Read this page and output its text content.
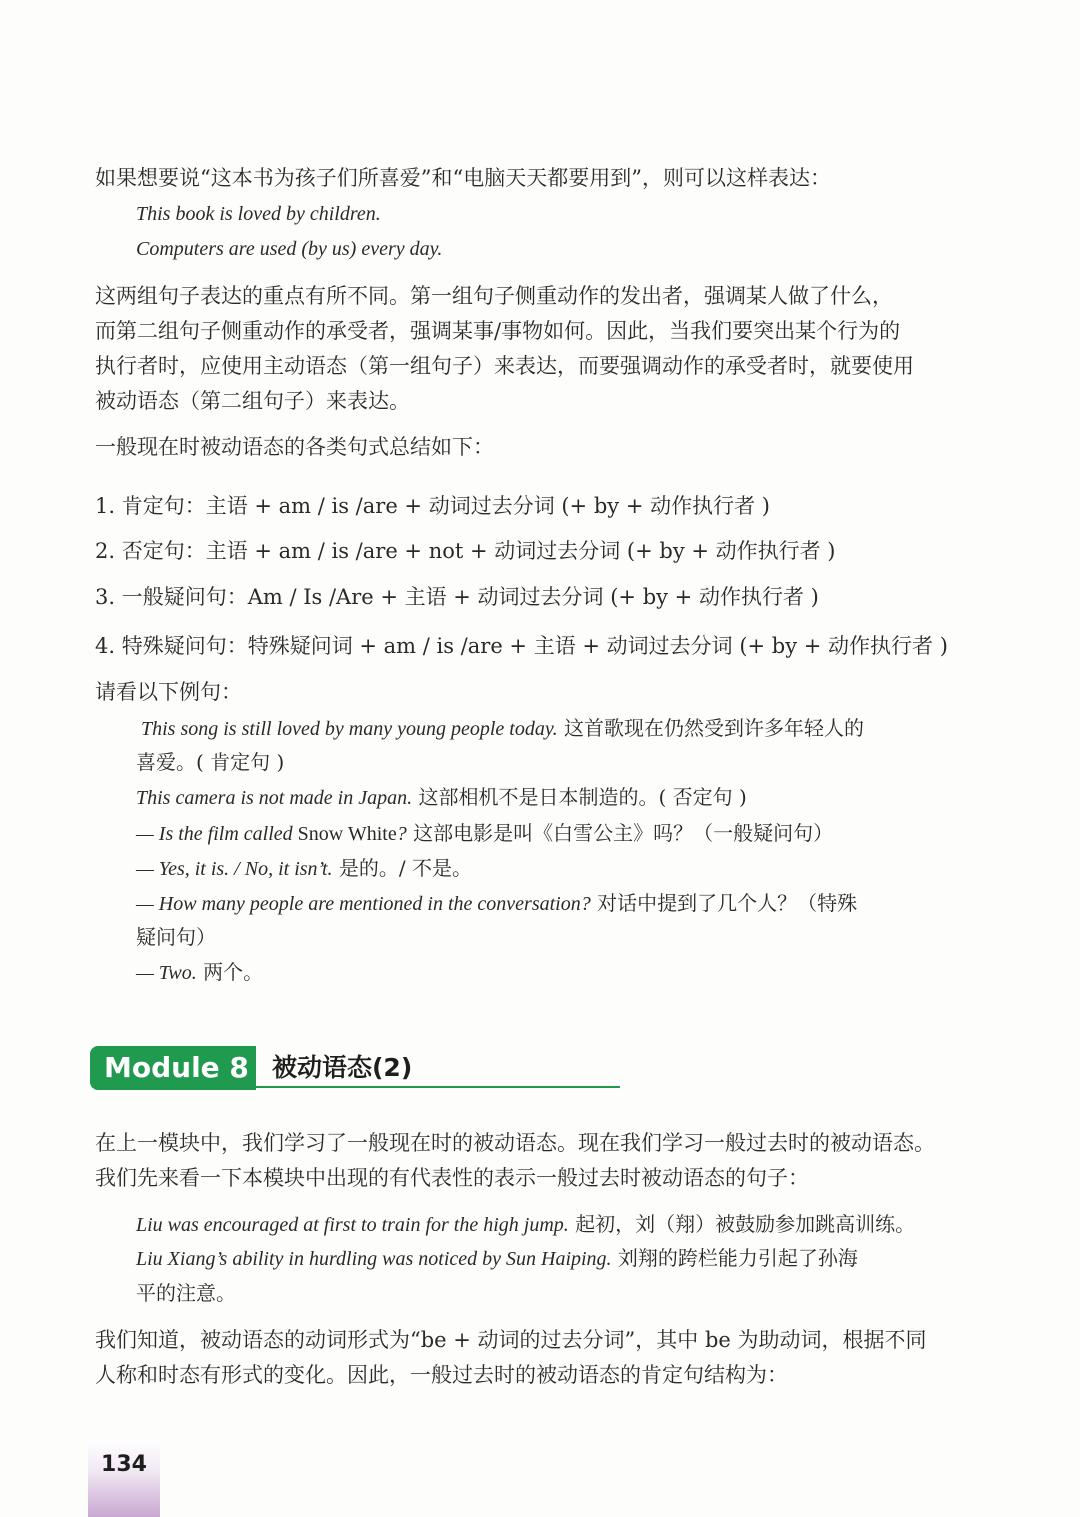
如果想要说“这本书为孩子们所喜爱”和“电脑天天都要用到”，则可以这样表达：
This book is loved by children.
Computers are used (by us) every day.
这两组句子表达的重点有所不同。第一组句子侧重动作的发出者，强调某人做了什么，
而第二组句子侧重动作的承受者，强调某事/事物如何。因此，当我们要突出某个行为的
执行者时，应使用主动语态（第一组句子）来表达，而要强调动作的承受者时，就要使用
被动语态（第二组句子）来表达。
一般现在时被动语态的各类句式总结如下：
1. 肯定句：主语 + am / is /are + 动词过去分词 (+ by + 动作执行者 )
2. 否定句：主语 + am / is /are + not + 动词过去分词 (+ by + 动作执行者 )
3. 一般疑问句：Am / Is /Are + 主语 + 动词过去分词 (+ by + 动作执行者 )
4. 特殊疑问句：特殊疑问词 + am / is /are + 主语 + 动词过去分词 (+ by + 动作执行者 )
请看以下例句：
This song is still loved by many young people today. 这首歌现在仍然受到许多年轻人的
喜爱。( 肯定句 )
This camera is not made in Japan. 这部相机不是日本制造的。( 否定句 )
— Is the film called Snow White? 这部电影是叫《白雪公主》吗？（一般疑问句）
— Yes, it is. / No, it isn’t. 是的。/ 不是。
— How many people are mentioned in the conversation? 对话中提到了几个人？（特殊
疑问句）
— Two. 两个。
Module 8 被动语态(2)
在上一模块中，我们学习了一般现在时的被动语态。现在我们学习一般过去时的被动语态。
我们先来看一下本模块中出现的有代表性的表示一般过去时被动语态的句子：
Liu was encouraged at first to train for the high jump. 起初，刘（翔）被鼓励参加跳高训练。
Liu Xiang’s ability in hurdling was noticed by Sun Haiping. 刘翔的跨栏能力引起了孙海
平的注意。
我们知道，被动语态的动词形式为“be + 动词的过去分词”，其中 be 为助动词，根据不同
人称和时态有形式的变化。因此，一般过去时的被动语态的肯定句结构为：
134
